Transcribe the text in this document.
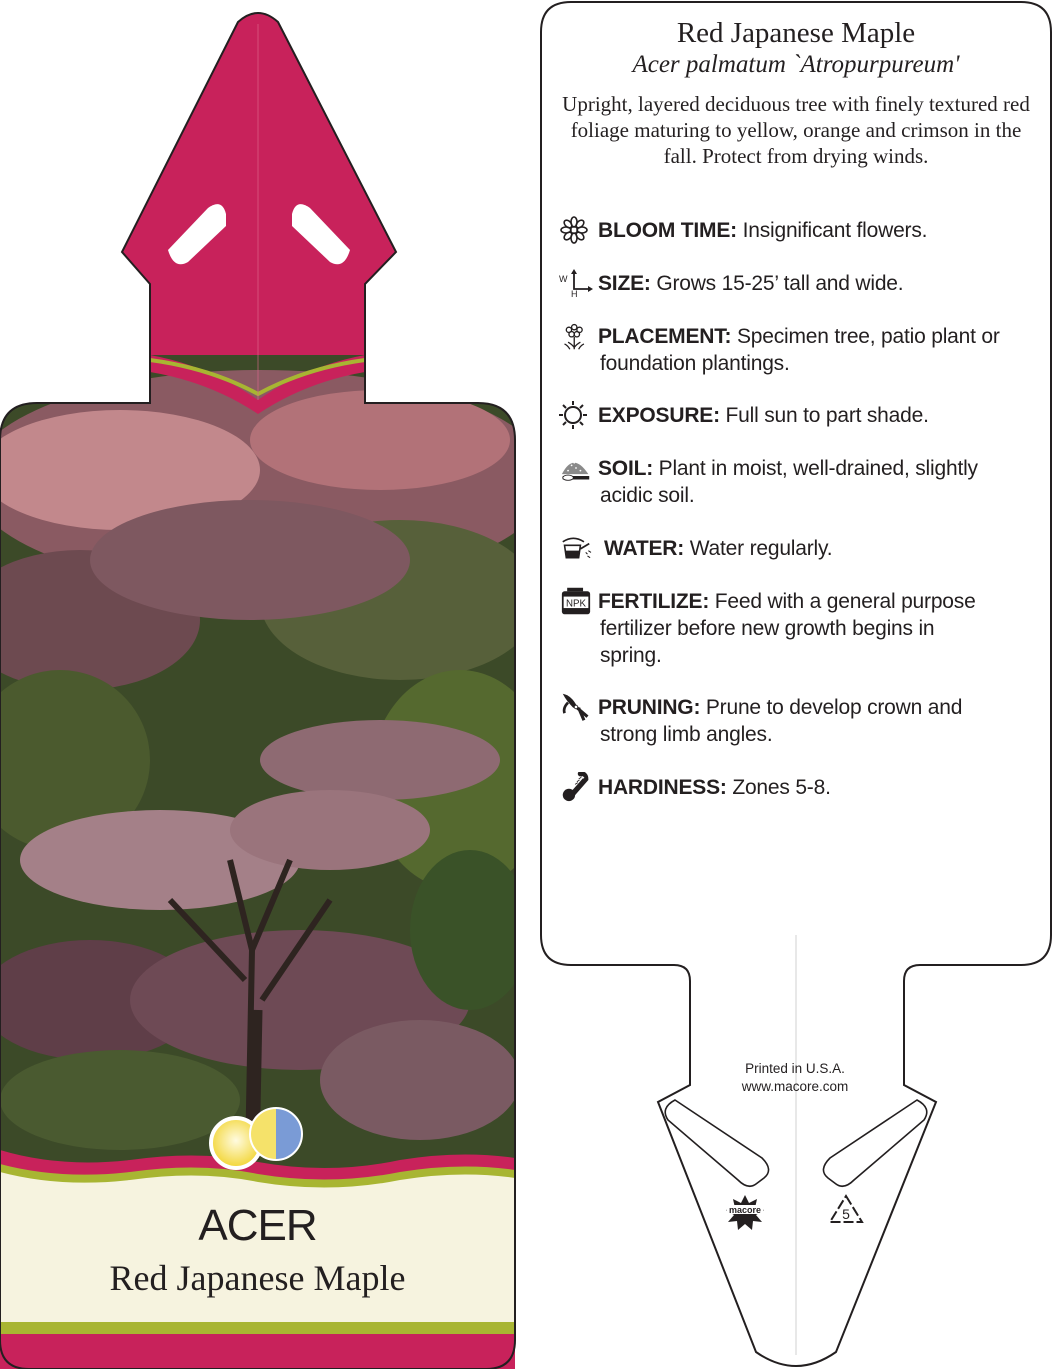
ACER
Red Japanese Maple
macore	5
Red Japanese Maple
Acer palmatum `Atropurpureum'
Upright, layered deciduous tree with finely textured red foliage maturing to yellow, orange and crimson in the fall. Protect from drying winds.
BLOOM TIME: Insignificant flowers.
W
H SIZE: Grows 15-25’ tall and wide.
PLACEMENT: Specimen tree, patio plant or
foundation plantings.
EXPOSURE: Full sun to part shade.
SOIL: Plant in moist, well-drained, slightly
acidic soil.
WATER: Water regularly.
NPK FERTILIZE: Feed with a general purpose
fertilizer before new growth begins in spring.
PRUNING: Prune to develop crown and
strong limb angles.
HARDINESS: Zones 5-8.
Printed in U.S.A.
www.macore.com
